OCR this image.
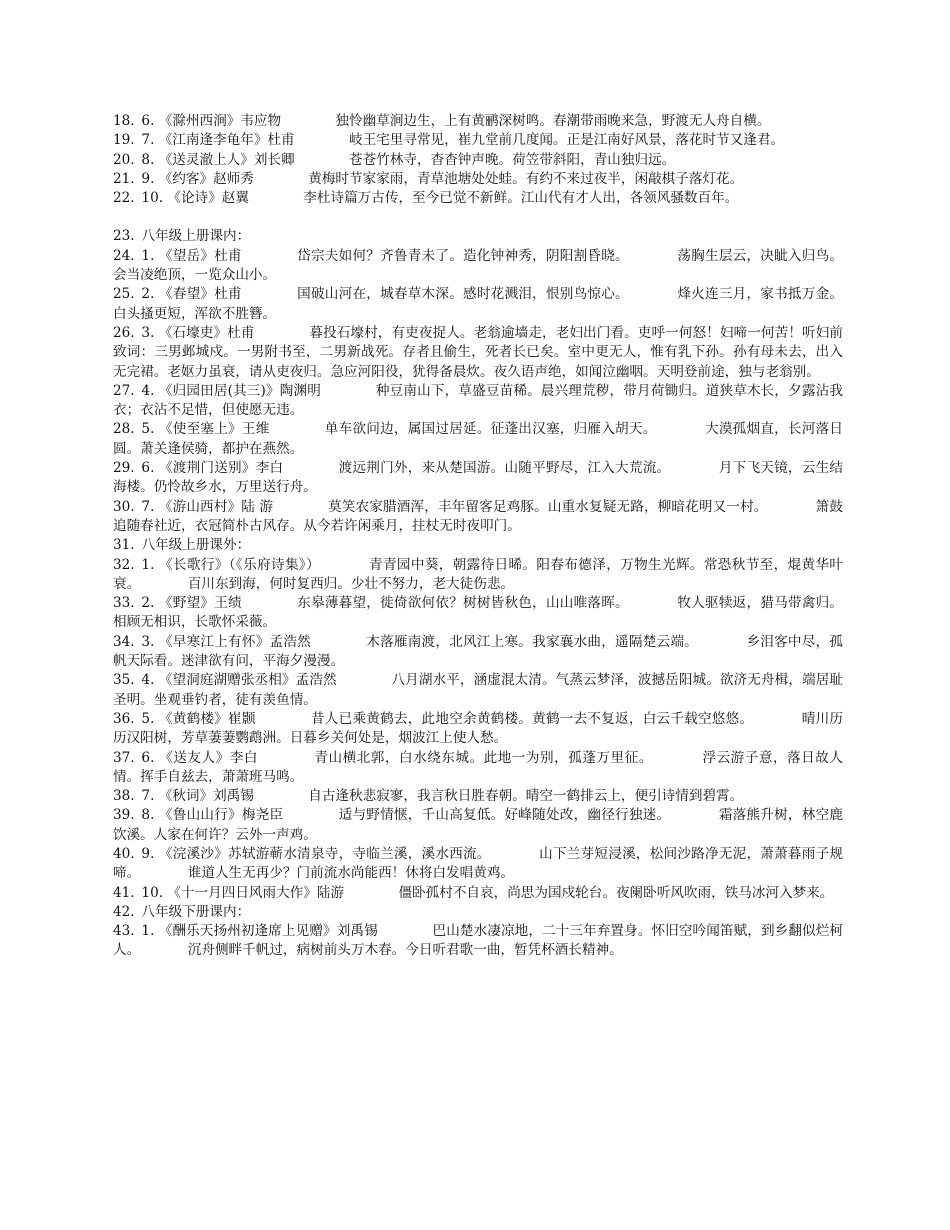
18.  6. 《滁州西涧》韦应物　　　　独怜幽草涧边生，上有黄鹂深树鸣。春潮带雨晚来急，野渡无人舟自横。

19.  7. 《江南逢李龟年》杜甫　　　　岐王宅里寻常见，崔九堂前几度闻。正是江南好风景，落花时节又逢君。

20.  8. 《送灵澈上人》刘长卿　　　　苍苍竹林寺，杳杳钟声晚。荷笠带斜阳，青山独归远。

21.  9. 《约客》赵师秀　　　　黄梅时节家家雨，青草池塘处处蛙。有约不来过夜半，闲敲棋子落灯花。

22.  10. 《论诗》赵翼　　　　李杜诗篇万古传，至今已觉不新鲜。江山代有才人出，各领风骚数百年。

23.  八年级上册课内：

24.  1. 《望岳》杜甫　　　　岱宗夫如何？齐鲁青未了。造化钟神秀，阴阳割昏晓。　　　　荡胸生层云，决眦入归鸟。会当凌绝顶，一览众山小。

25.  2. 《春望》杜甫　　　　国破山河在，城春草木深。感时花溅泪，恨别鸟惊心。　　　　烽火连三月，家书抵万金。白头搔更短，浑欲不胜簪。

26.  3. 《石壕吏》杜甫　　　　暮投石壕村，有吏夜捉人。老翁逾墙走，老妇出门看。吏呼一何怒！妇啼一何苦！听妇前致词：三男邺城戍。一男附书至，二男新战死。存者且偷生，死者长已矣。室中更无人，惟有乳下孙。孙有母未去，出入无完裙。老妪力虽衰，请从吏夜归。急应河阳役，犹得备晨炊。夜久语声绝，如闻泣幽咽。天明登前途，独与老翁别。

27.  4. 《归园田居(其三)》陶渊明　　　　种豆南山下，草盛豆苗稀。晨兴理荒秽，带月荷锄归。道狭草木长，夕露沾我衣；衣沾不足惜，但使愿无违。

28.  5. 《使至塞上》王维　　　　单车欲问边，属国过居延。征蓬出汉塞，归雁入胡天。　　　　大漠孤烟直，长河落日圆。萧关逢侯骑，都护在燕然。

29.  6. 《渡荆门送别》李白　　　　渡远荆门外，来从楚国游。山随平野尽，江入大荒流。　　　　月下飞天镜，云生结海楼。仍怜故乡水，万里送行舟。

30.  7. 《游山西村》陆 游　　　　莫笑农家腊酒浑，丰年留客足鸡豚。山重水复疑无路，柳暗花明又一村。　　　　箫鼓追随春社近，衣冠简朴古风存。从今若许闲乘月，拄杖无时夜叩门。

31.  八年级上册课外：

32.  1. 《长歌行》（《乐府诗集》）　　　　青青园中葵，朝露待日晞。阳春布德泽，万物生光辉。常恐秋节至，焜黄华叶衰。　　　　百川东到海，何时复西归。少壮不努力，老大徒伤悲。

33.  2. 《野望》王绩　　　　东皋薄暮望，徙倚欲何依？树树皆秋色，山山唯落晖。　　　　牧人驱犊返，猎马带禽归。相顾无相识，长歌怀采薇。

34.  3. 《早寒江上有怀》孟浩然　　　　木落雁南渡，北风江上寒。我家襄水曲，遥隔楚云端。　　　　乡泪客中尽，孤帆天际看。迷津欲有问，平海夕漫漫。

35.  4. 《望洞庭湖赠张丞相》孟浩然　　　　八月湖水平，涵虚混太清。气蒸云梦泽，波撼岳阳城。欲济无舟楫，端居耻圣明。坐观垂钓者，徒有羡鱼情。

36.  5. 《黄鹤楼》崔颢　　　　昔人已乘黄鹤去，此地空余黄鹤楼。黄鹤一去不复返，白云千载空悠悠。　　　　晴川历历汉阳树，芳草萋萋鹦鹉洲。日暮乡关何处是，烟波江上使人愁。

37.  6. 《送友人》李白　　　　青山横北郭，白水绕东城。此地一为别，孤蓬万里征。　　　　浮云游子意，落日故人情。挥手自兹去，萧萧班马鸣。

38.  7. 《秋词》刘禹锡　　　　自古逢秋悲寂寥，我言秋日胜春朝。晴空一鹤排云上，便引诗情到碧霄。

39.  8. 《鲁山山行》梅尧臣　　　　适与野情惬，千山高复低。好峰随处改，幽径行独迷。　　　　霜落熊升树，林空鹿饮溪。人家在何许？云外一声鸡。

40.  9. 《浣溪沙》苏轼游蕲水清泉寺，寺临兰溪，溪水西流。　　　　山下兰芽短浸溪，松间沙路净无泥，萧萧暮雨子规啼。　　　　谁道人生无再少？门前流水尚能西！休将白发唱黄鸡。

41.  10. 《十一月四日风雨大作》陆游　　　　僵卧孤村不自哀，尚思为国戍轮台。夜阑卧听风吹雨，铁马冰河入梦来。

42.  八年级下册课内：

43.  1. 《酬乐天扬州初逢席上见赠》刘禹锡　　　　巴山楚水凄凉地，二十三年弃置身。怀旧空吟闻笛赋，到乡翻似烂柯人。　　　　沉舟侧畔千帆过，病树前头万木春。今日听君歌一曲，暂凭杯酒长精神。
